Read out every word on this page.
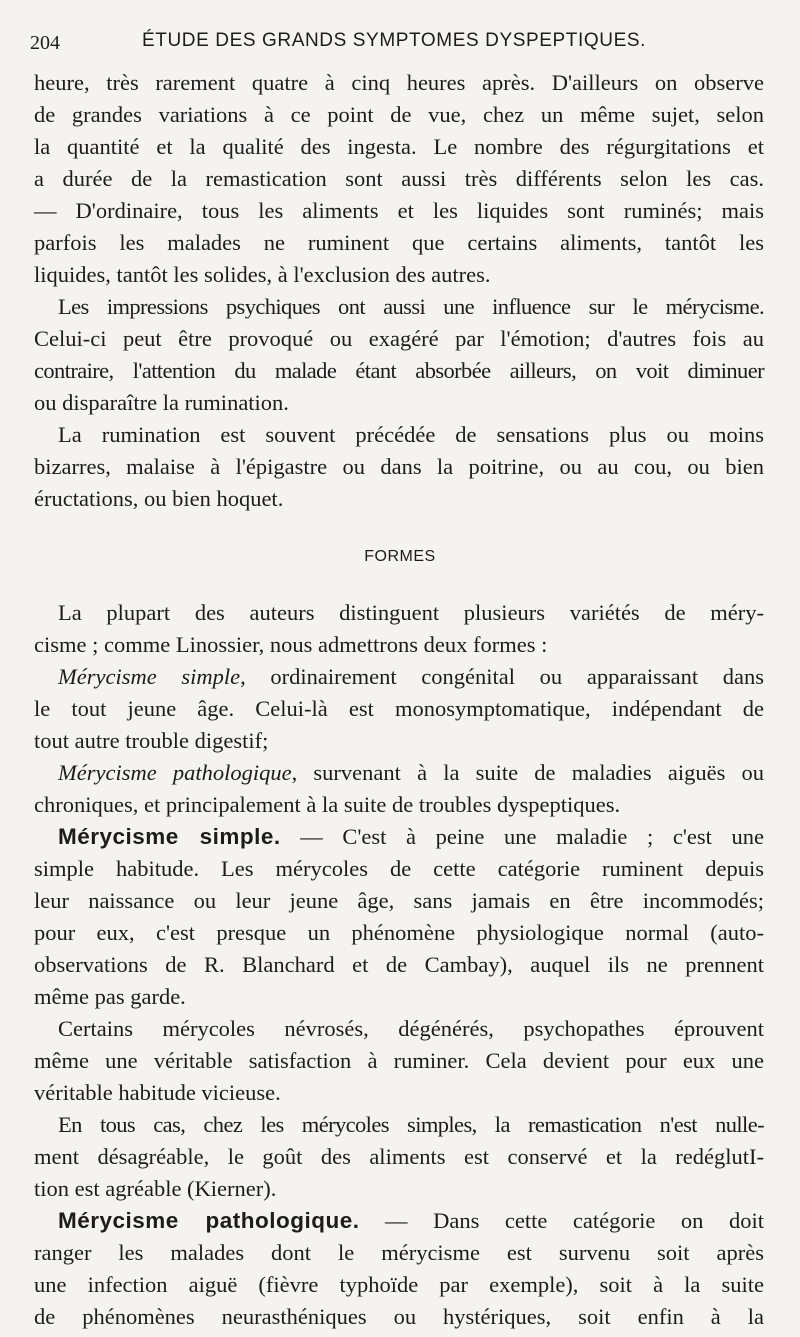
204	ÉTUDE DES GRANDS SYMPTOMES DYSPEPTIQUES.
heure, très rarement quatre à cinq heures après. D'ailleurs on observe
de grandes variations à ce point de vue, chez un même sujet, selon
la quantité et la qualité des ingesta. Le nombre des régurgitations et
a durée de la remastication sont aussi très différents selon les cas.
— D'ordinaire, tous les aliments et les liquides sont ruminés; mais
parfois les malades ne ruminent que certains aliments, tantôt les
liquides, tantôt les solides, à l'exclusion des autres.
Les impressions psychiques ont aussi une influence sur le mérycisme.
Celui-ci peut être provoqué ou exagéré par l'émotion; d'autres fois au
contraire, l'attention du malade étant absorbée ailleurs, on voit diminuer
ou disparaître la rumination.
La rumination est souvent précédée de sensations plus ou moins
bizarres, malaise à l'épigastre ou dans la poitrine, ou au cou, ou bien
éructations, ou bien hoquet.
FORMES
La plupart des auteurs distinguent plusieurs variétés de méry-
cisme ; comme Linossier, nous admettrons deux formes :
Mérycisme simple, ordinairement congénital ou apparaissant dans
le tout jeune âge. Celui-là est monosymptomatique, indépendant de
tout autre trouble digestif;
Mérycisme pathologique, survenant à la suite de maladies aiguës ou
chroniques, et principalement à la suite de troubles dyspeptiques.
Mérycisme simple. — C'est à peine une maladie ; c'est une
simple habitude. Les mérycoles de cette catégorie ruminent depuis
leur naissance ou leur jeune âge, sans jamais en être incommodés;
pour eux, c'est presque un phénomène physiologique normal (auto-
observations de R. Blanchard et de Cambay), auquel ils ne prennent
même pas garde.
Certains mérycoles névrosés, dégénérés, psychopathes éprouvent
même une véritable satisfaction à ruminer. Cela devient pour eux une
véritable habitude vicieuse.
En tous cas, chez les mérycoles simples, la remastication n'est nulle-
ment désagréable, le goût des aliments est conservé et la redéglutI-
tion est agréable (Kierner).
Mérycisme pathologique. — Dans cette catégorie on doit
ranger les malades dont le mérycisme est survenu soit après
une infection aiguë (fièvre typhoïde par exemple), soit à la suite
de phénomènes neurasthéniques ou hystériques, soit enfin à la
